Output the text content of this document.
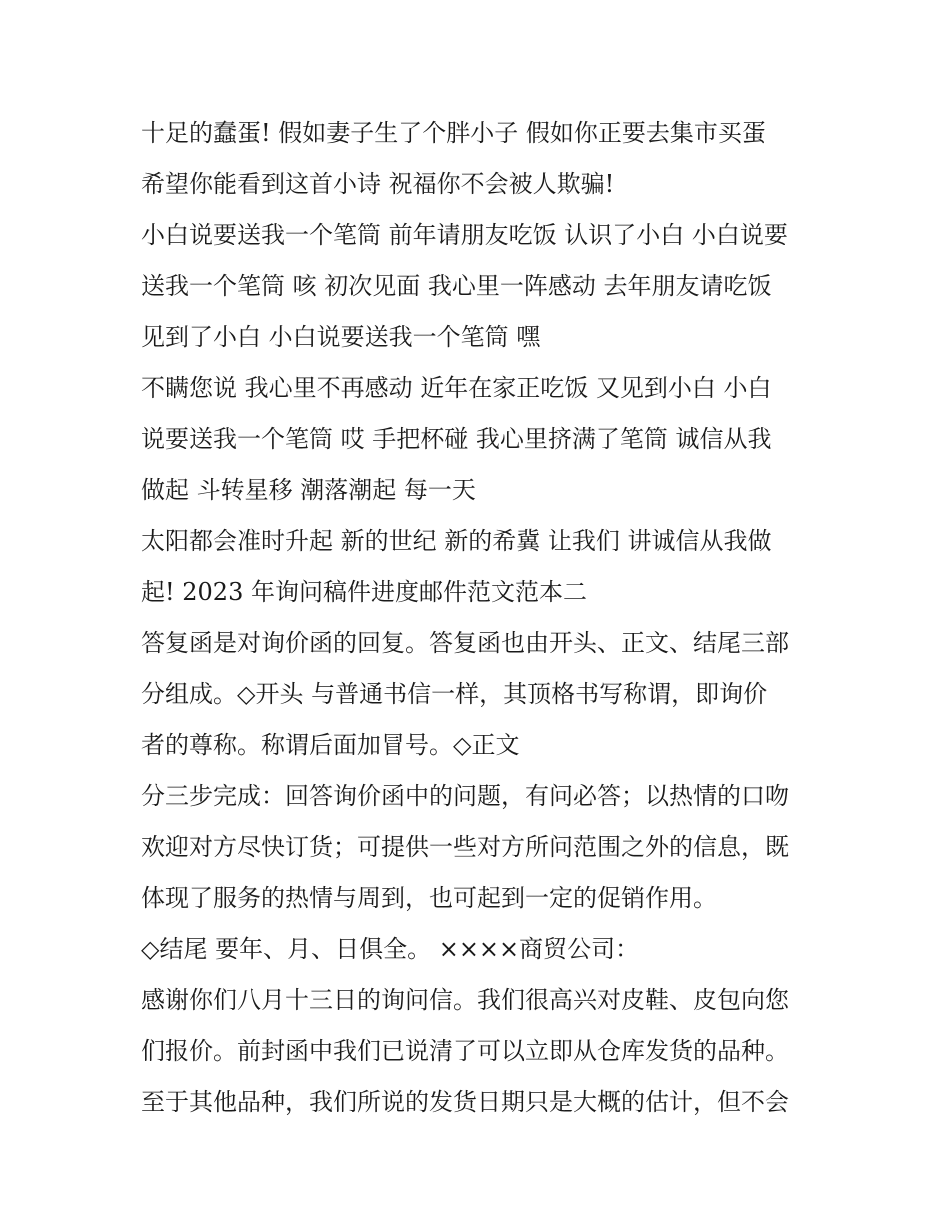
十足的蠢蛋! 假如妻子生了个胖小子 假如你正要去集市买蛋
希望你能看到这首小诗 祝福你不会被人欺骗!
小白说要送我一个笔筒 前年请朋友吃饭 认识了小白 小白说要
送我一个笔筒 咳 初次见面 我心里一阵感动 去年朋友请吃饭
见到了小白 小白说要送我一个笔筒 嘿
不瞒您说 我心里不再感动 近年在家正吃饭 又见到小白 小白
说要送我一个笔筒 哎 手把杯碰 我心里挤满了笔筒 诚信从我
做起 斗转星移 潮落潮起 每一天
太阳都会准时升起 新的世纪 新的希冀 让我们 讲诚信从我做
起! 2023 年询问稿件进度邮件范文范本二
答复函是对询价函的回复。答复函也由开头、正文、结尾三部
分组成。◇开头 与普通书信一样，其顶格书写称谓，即询价
者的尊称。称谓后面加冒号。◇正文
分三步完成：回答询价函中的问题，有问必答；以热情的口吻
欢迎对方尽快订货；可提供一些对方所问范围之外的信息，既
体现了服务的热情与周到，也可起到一定的促销作用。
◇结尾 要年、月、日俱全。 ××××商贸公司：
感谢你们八月十三日的询问信。我们很高兴对皮鞋、皮包向您
们报价。前封函中我们已说清了可以立即从仓库发货的品种。
至于其他品种，我们所说的发货日期只是大概的估计，但不会
